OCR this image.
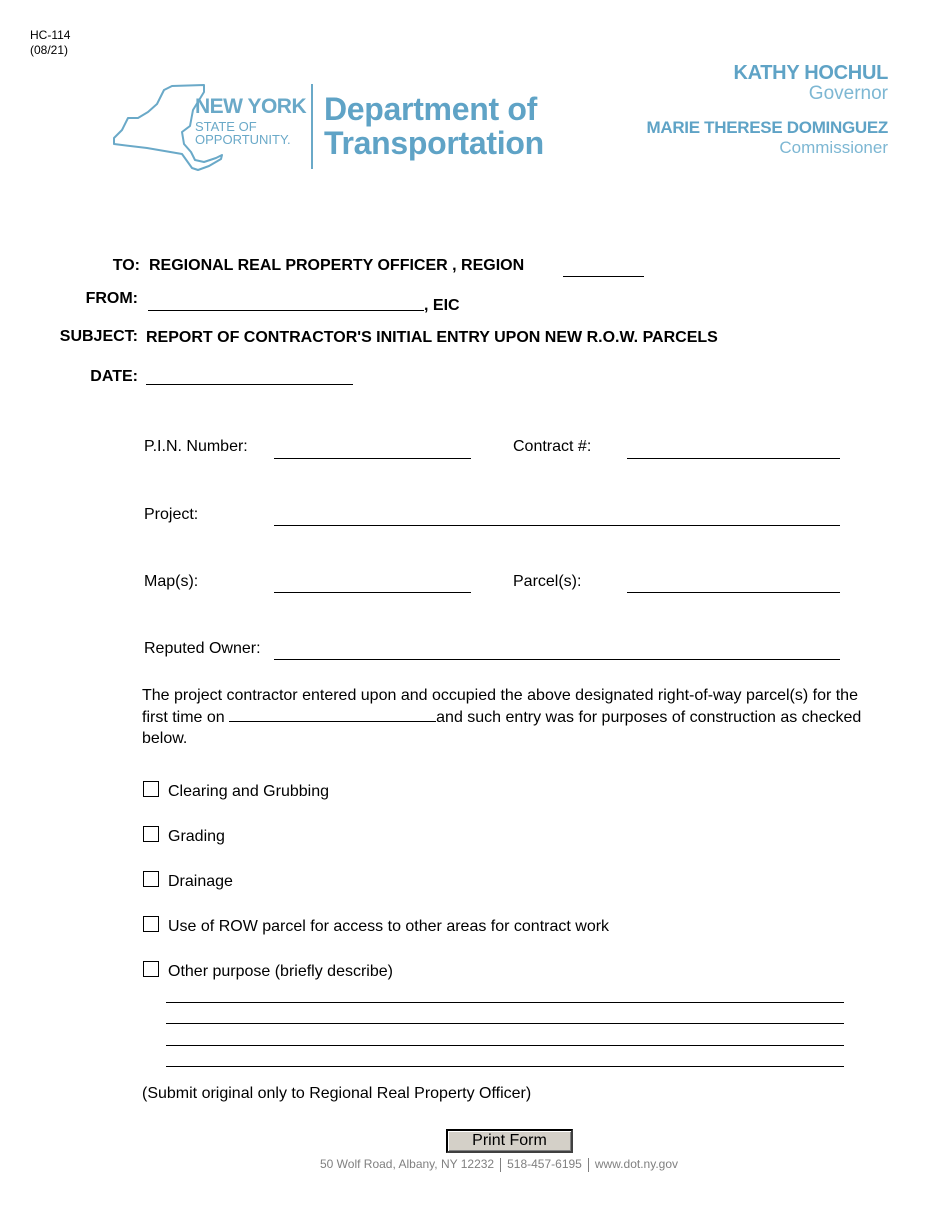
HC-114
(08/21)
NEW YORK
STATE OF
OPPORTUNITY.
Department of
Transportation
KATHY HOCHUL
Governor
MARIE THERESE DOMINGUEZ
Commissioner
TO: REGIONAL REAL PROPERTY OFFICER , REGION
FROM:	, EIC
SUBJECT: REPORT OF CONTRACTOR'S INITIAL ENTRY UPON NEW R.O.W. PARCELS
DATE:
P.I.N. Number:	Contract #:
Project:
Map(s):	Parcel(s):
Reputed Owner:
The project contractor entered upon and occupied the above designated right-of-way parcel(s) for the first time on	and such entry was for purposes of construction as checked below.
Clearing and Grubbing
Grading
Drainage
Use of ROW parcel for access to other areas for contract work
Other purpose (briefly describe)
(Submit original only to Regional Real Property Officer)
Print Form
50 Wolf Road, Albany, NY 12232 518-457-6195 www.dot.ny.gov
